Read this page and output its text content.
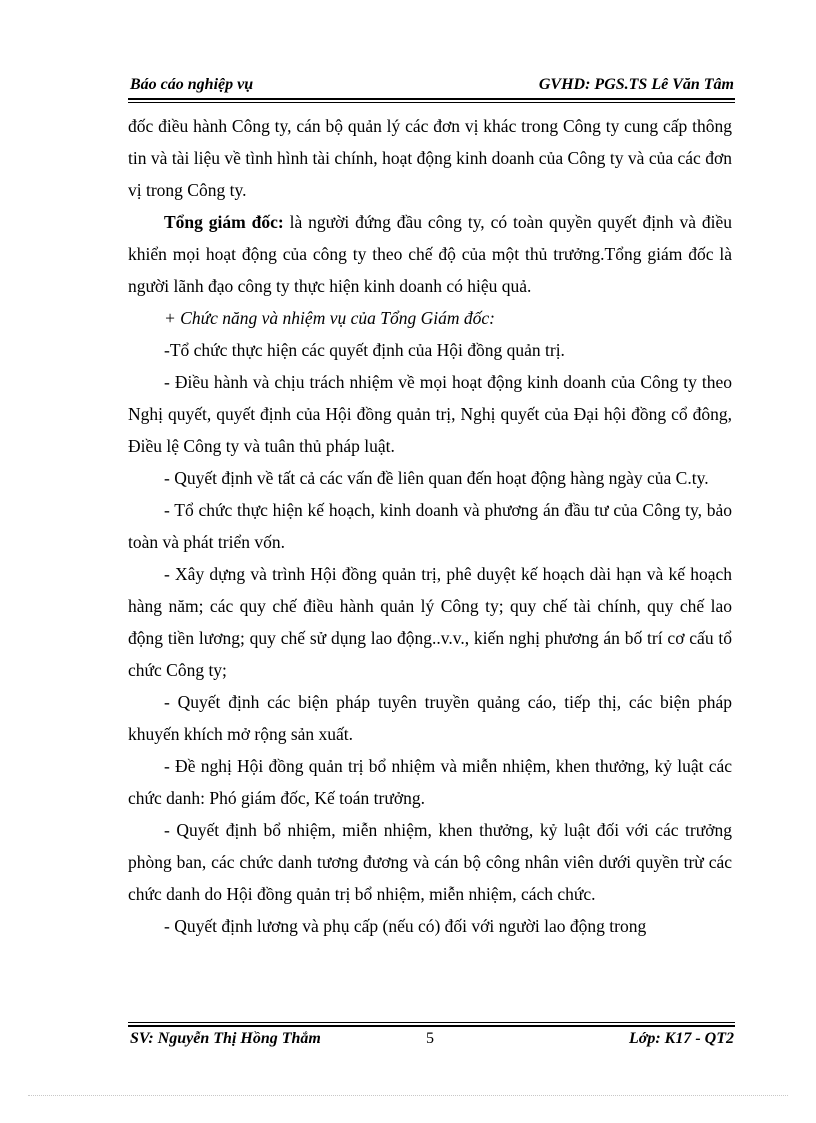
Báo cáo nghiệp vụ	GVHD: PGS.TS Lê Văn Tâm

đốc điều hành Công ty, cán bộ quản lý các đơn vị khác trong Công ty cung cấp thông tin và tài liệu về tình hình tài chính, hoạt động kinh doanh của Công ty và của các đơn vị trong Công ty.

Tổng giám đốc: là người đứng đầu công ty, có toàn quyền quyết định và điều khiển mọi hoạt động của công ty theo chế độ của một thủ trưởng.Tổng giám đốc là người lãnh đạo công ty thực hiện kinh doanh có hiệu quả.

+ Chức năng và nhiệm vụ của Tổng Giám đốc:

-Tổ chức thực hiện các quyết định của Hội đồng quản trị.

- Điều hành và chịu trách nhiệm về mọi hoạt động kinh doanh của Công ty theo Nghị quyết, quyết định của Hội đồng quản trị, Nghị quyết của Đại hội đồng cổ đông, Điều lệ Công ty và tuân thủ pháp luật.

- Quyết định về tất cả các vấn đề liên quan đến hoạt động hàng ngày của C.ty.

- Tổ chức thực hiện kế hoạch, kinh doanh và phương án đầu tư của Công ty, bảo toàn và phát triển vốn.

- Xây dựng và trình Hội đồng quản trị, phê duyệt kế hoạch dài hạn và kế hoạch hàng năm; các quy chế điều hành quản lý Công ty; quy chế tài chính, quy chế lao động tiền lương; quy chế sử dụng lao động..v.v., kiến nghị phương án bố trí cơ cấu tổ chức Công ty;

- Quyết định các biện pháp tuyên truyền quảng cáo, tiếp thị, các biện pháp khuyến khích mở rộng sản xuất.

- Đề nghị Hội đồng quản trị bổ nhiệm và miễn nhiệm, khen thưởng, kỷ luật các chức danh: Phó giám đốc, Kế toán trưởng.

- Quyết định bổ nhiệm, miễn nhiệm, khen thưởng, kỷ luật đối với các trưởng phòng ban, các chức danh tương đương và cán bộ công nhân viên dưới quyền trừ các chức danh do Hội đồng quản trị bổ nhiệm, miễn nhiệm, cách chức.

- Quyết định lương và phụ cấp (nếu có) đối với người lao động trong

SV: Nguyễn Thị Hồng Thắm	5	Lớp: K17 - QT2
